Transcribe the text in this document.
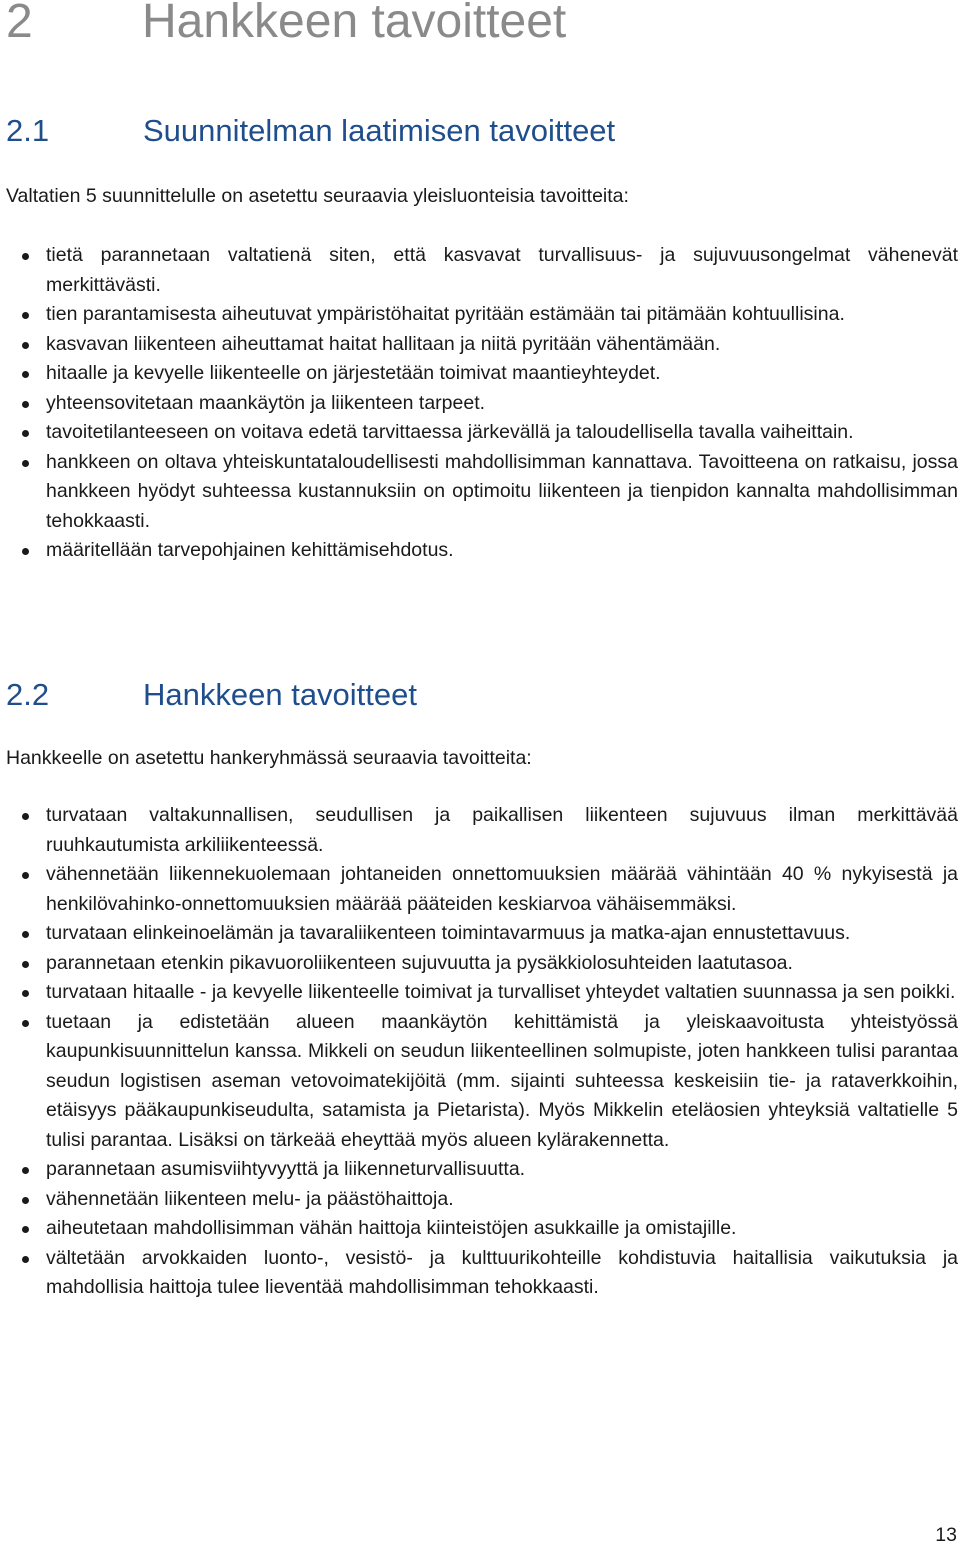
2 Hankkeen tavoitteet
2.1	Suunnitelman laatimisen tavoitteet

Valtatien 5 suunnittelulle on asetettu seuraavia yleisluonteisia tavoitteita:

tietä parannetaan valtatienä siten, että kasvavat turvallisuus- ja sujuvuusongelmat vähenevät merkittävästi.
tien parantamisesta aiheutuvat ympäristöhaitat pyritään estämään tai pitämään kohtuullisina.
kasvavan liikenteen aiheuttamat haitat hallitaan ja niitä pyritään vähentämään.
hitaalle ja kevyelle liikenteelle on järjestetään toimivat maantieyhteydet.
yhteensovitetaan maankäytön ja liikenteen tarpeet.
tavoitetilanteeseen on voitava edetä tarvittaessa järkevällä ja taloudellisella tavalla vaiheittain.
hankkeen on oltava yhteiskuntataloudellisesti mahdollisimman kannattava. Tavoitteena on ratkaisu, jossa hankkeen hyödyt suhteessa kustannuksiin on optimoitu liikenteen ja tienpidon kannalta mahdollisimman tehokkaasti.
määritellään tarvepohjainen kehittämisehdotus.
2.2	Hankkeen tavoitteet

Hankkeelle on asetettu hankeryhmässä seuraavia tavoitteita:

turvataan valtakunnallisen, seudullisen ja paikallisen liikenteen sujuvuus ilman merkittävää ruuhkautumista arkiliikenteessä.
vähennetään liikennekuolemaan johtaneiden onnettomuuksien määrää vähintään 40 % nykyisestä ja henkilövahinko-onnettomuuksien määrää pääteiden keskiarvoa vähäisemmäksi.
turvataan elinkeinoelämän ja tavaraliikenteen toimintavarmuus ja matka-ajan ennustettavuus.
parannetaan etenkin pikavuoroliikenteen sujuvuutta ja pysäkkiolosuhteiden laatutasoa.
turvataan hitaalle - ja kevyelle liikenteelle toimivat ja turvalliset yhteydet valtatien suunnassa ja sen poikki.
tuetaan ja edistetään alueen maankäytön kehittämistä ja yleiskaavoitusta yhteistyössä kaupunkisuunnittelun kanssa. Mikkeli on seudun liikenteellinen solmupiste, joten hankkeen tulisi parantaa seudun logistisen aseman vetovoimatekijöitä (mm. sijainti suhteessa keskeisiin tie- ja rataverkkoihin, etäisyys pääkaupunkiseudulta, satamista ja Pietarista). Myös Mikkelin eteläosien yhteyksiä valtatielle 5 tulisi parantaa. Lisäksi on tärkeää eheyttää myös alueen kylärakennetta.
parannetaan asumisviihtyvyyttä ja liikenneturvallisuutta.
vähennetään liikenteen melu- ja päästöhaittoja.
aiheutetaan mahdollisimman vähän haittoja kiinteistöjen asukkaille ja omistajille.
vältetään arvokkaiden luonto-, vesistö- ja kulttuurikohteille kohdistuvia haitallisia vaikutuksia ja mahdollisia haittoja tulee lieventää mahdollisimman tehokkaasti.
13
